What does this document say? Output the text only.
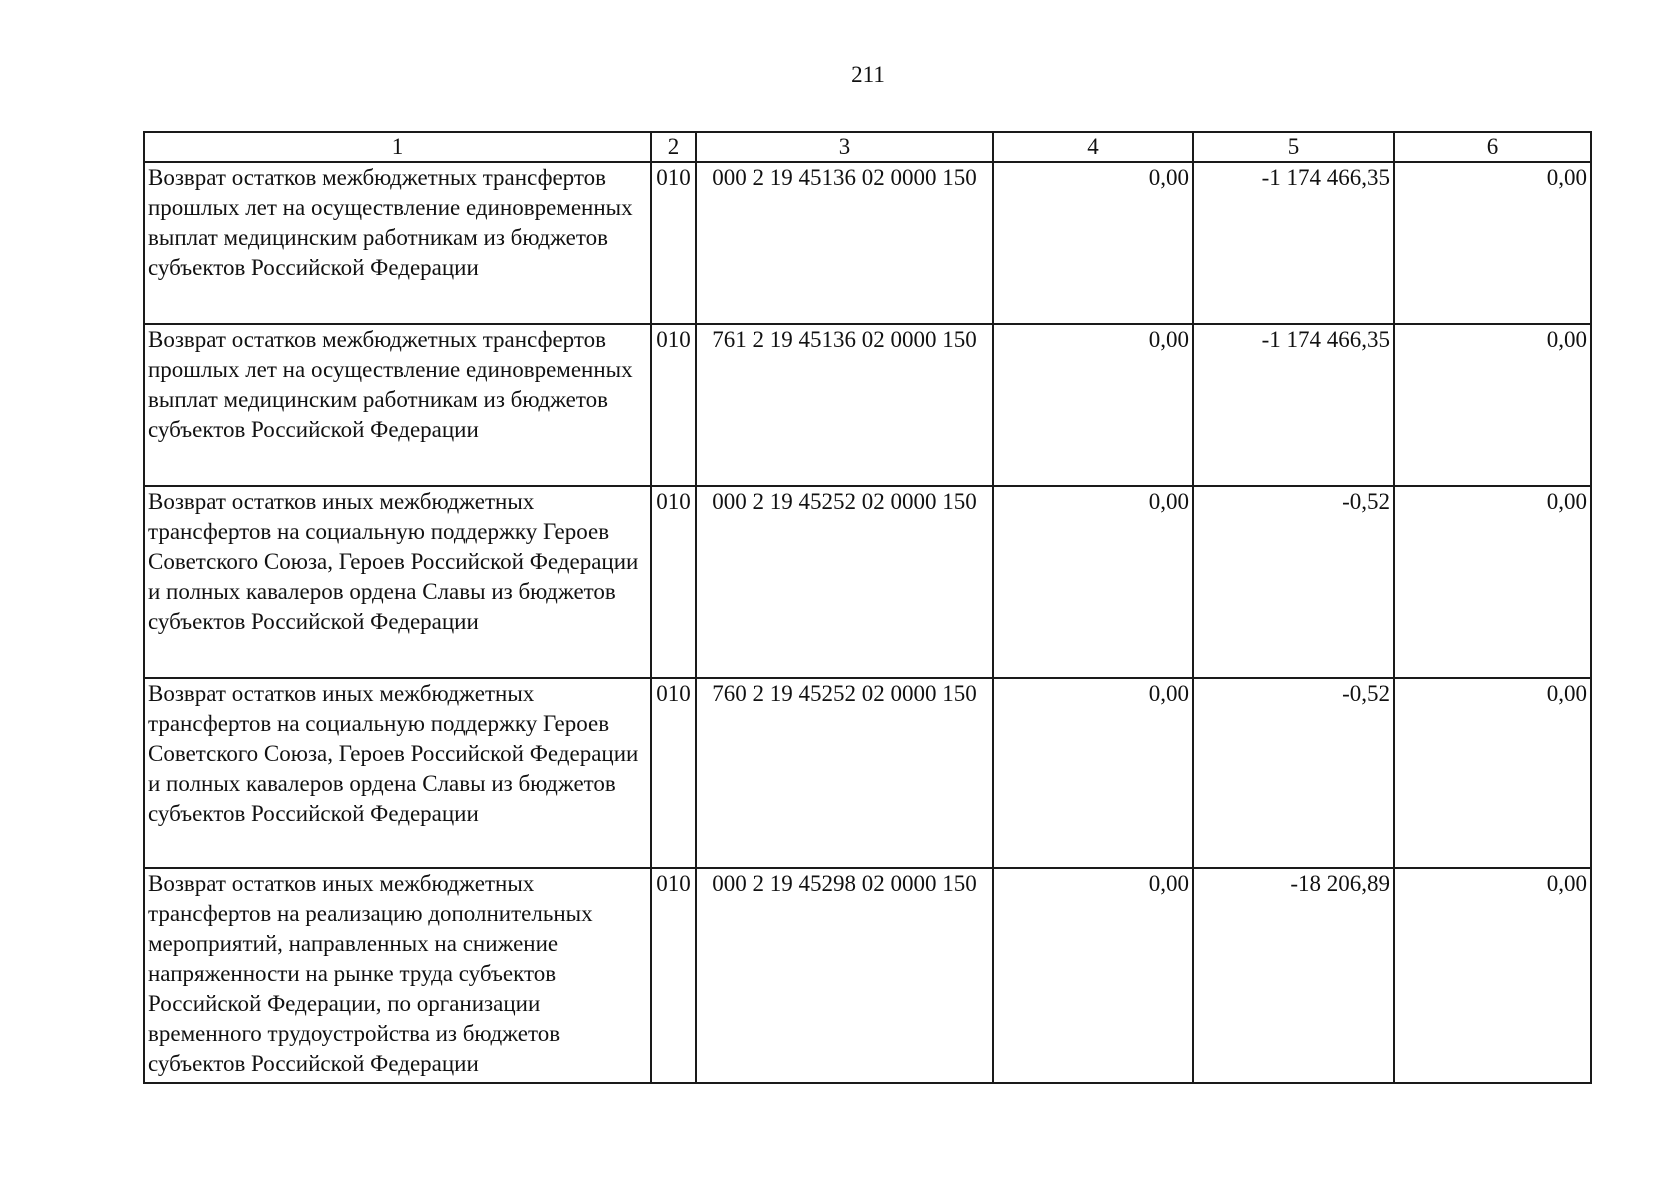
211
1	2	3	4	5	6
Возврат остатков межбюджетных трансфертов прошлых лет на осуществление единовременных выплат медицинским работникам из бюджетов субъектов Российской Федерации	010	000 2 19 45136 02 0000 150	0,00	-1 174 466,35	0,00
Возврат остатков межбюджетных трансфертов прошлых лет на осуществление единовременных выплат медицинским работникам из бюджетов субъектов Российской Федерации	010	761 2 19 45136 02 0000 150	0,00	-1 174 466,35	0,00
Возврат остатков иных межбюджетных трансфертов на социальную поддержку Героев Советского Союза, Героев Российской Федерации и полных кавалеров ордена Славы из бюджетов субъектов Российской Федерации	010	000 2 19 45252 02 0000 150	0,00	-0,52	0,00
Возврат остатков иных межбюджетных трансфертов на социальную поддержку Героев Советского Союза, Героев Российской Федерации и полных кавалеров ордена Славы из бюджетов субъектов Российской Федерации	010	760 2 19 45252 02 0000 150	0,00	-0,52	0,00
Возврат остатков иных межбюджетных трансфертов на реализацию дополнительных мероприятий, направленных на снижение напряженности на рынке труда субъектов Российской Федерации, по организации временного трудоустройства из бюджетов субъектов Российской Федерации	010	000 2 19 45298 02 0000 150	0,00	-18 206,89	0,00
